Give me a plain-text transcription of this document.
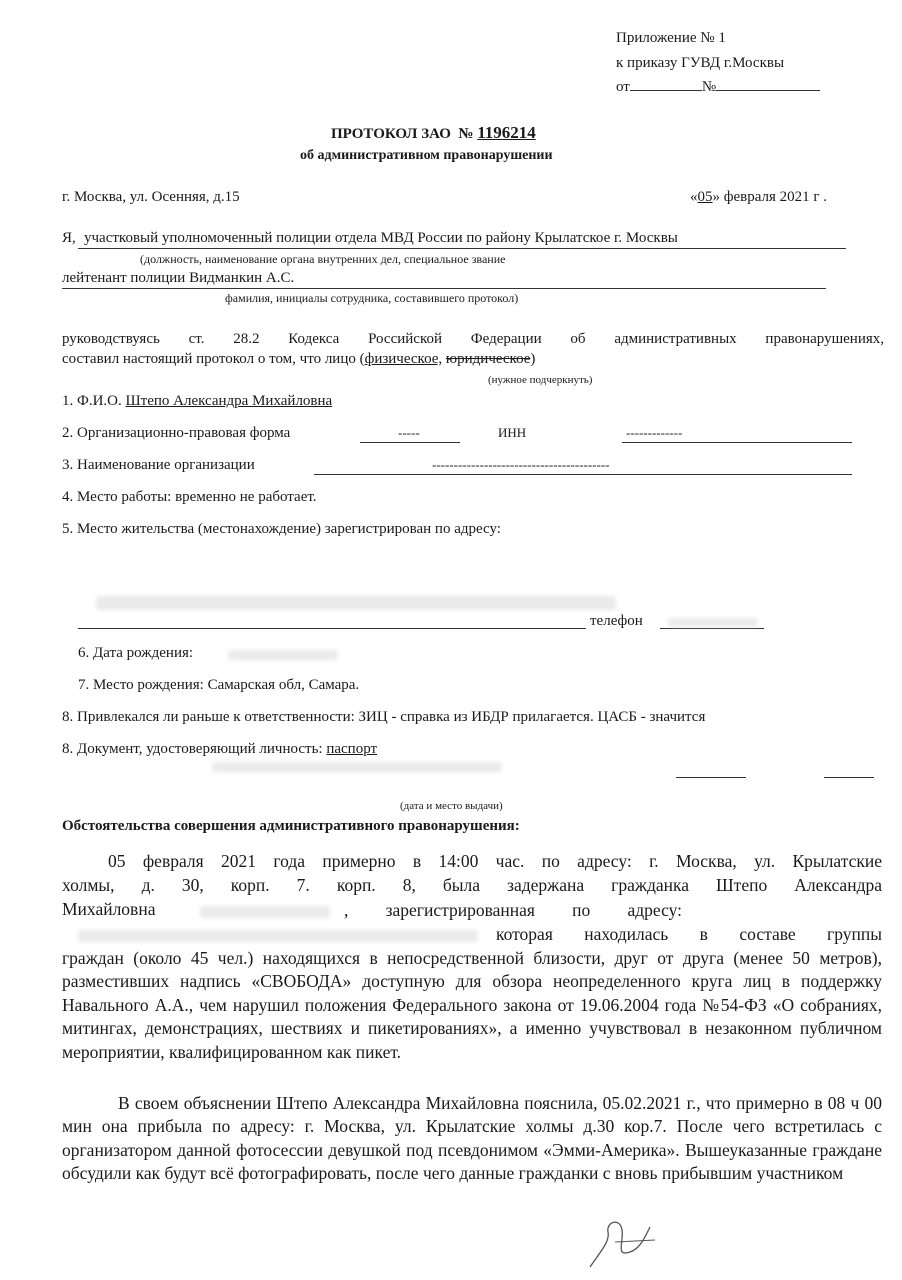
Приложение № 1
к приказу ГУВД г.Москвы
от	№
ПРОТОКОЛ ЗАО № 1196214
об административном правонарушении
г. Москва, ул. Осенняя, д.15	«05» февраля 2021 г .
Я, участковый уполномоченный полиции отдела МВД России по району Крылатское г. Москвы
(должность, наименование органа внутренних дел, специальное звание
лейтенант полиции Видманкин А.С.
фамилия, инициалы сотрудника, составившего протокол)
руководствуясь ст. 28.2 Кодекса Российской Федерации об административных правонарушениях,
составил настоящий протокол о том, что лицо (физическое, юридическое)
(нужное подчеркнуть)
1. Ф.И.О. Штепо Александра Михайловна
2. Организационно-правовая форма	-----	ИНН	-------------
3. Наименование организации	-----------------------------------------
4. Место работы: временно не работает.
5. Место жительства (местонахождение) зарегистрирован по адресу:
телефон
6. Дата рождения:
7. Место рождения: Самарская обл, Самара.
8. Привлекался ли раньше к ответственности: ЗИЦ - справка из ИБДР прилагается. ЦАСБ - значится
8. Документ, удостоверяющий личность: паспорт
(дата и место выдачи)
Обстоятельства совершения административного правонарушения:
05 февраля 2021 года примерно в 14:00 час. по адресу: г. Москва, ул. Крылатские
холмы, д. 30, корп. 7. корп. 8, была задержана гражданка Штепо Александра
Михайловна	, зарегистрированная по адресу:
которая находилась в составе группы
граждан (около 45 чел.) находящихся в непосредственной близости, друг от друга (менее 50 метров), разместивших надпись «СВОБОДА» доступную для обзора неопределенного круга лиц в поддержку Навального А.А., чем нарушил положения Федерального закона от 19.06.2004 года №54-ФЗ «О собраниях, митингах, демонстрациях, шествиях и пикетированиях», а именно учувствовал в незаконном публичном мероприятии, квалифицированном как пикет.
В своем объяснении Штепо Александра Михайловна пояснила, 05.02.2021 г., что примерно в 08 ч 00 мин она прибыла по адресу: г. Москва, ул. Крылатские холмы д.30 кор.7. После чего встретилась с организатором данной фотосессии девушкой под псевдонимом «Эмми-Америка». Вышеуказанные граждане обсудили как будут всё фотографировать, после чего данные гражданки с вновь прибывшим участником
